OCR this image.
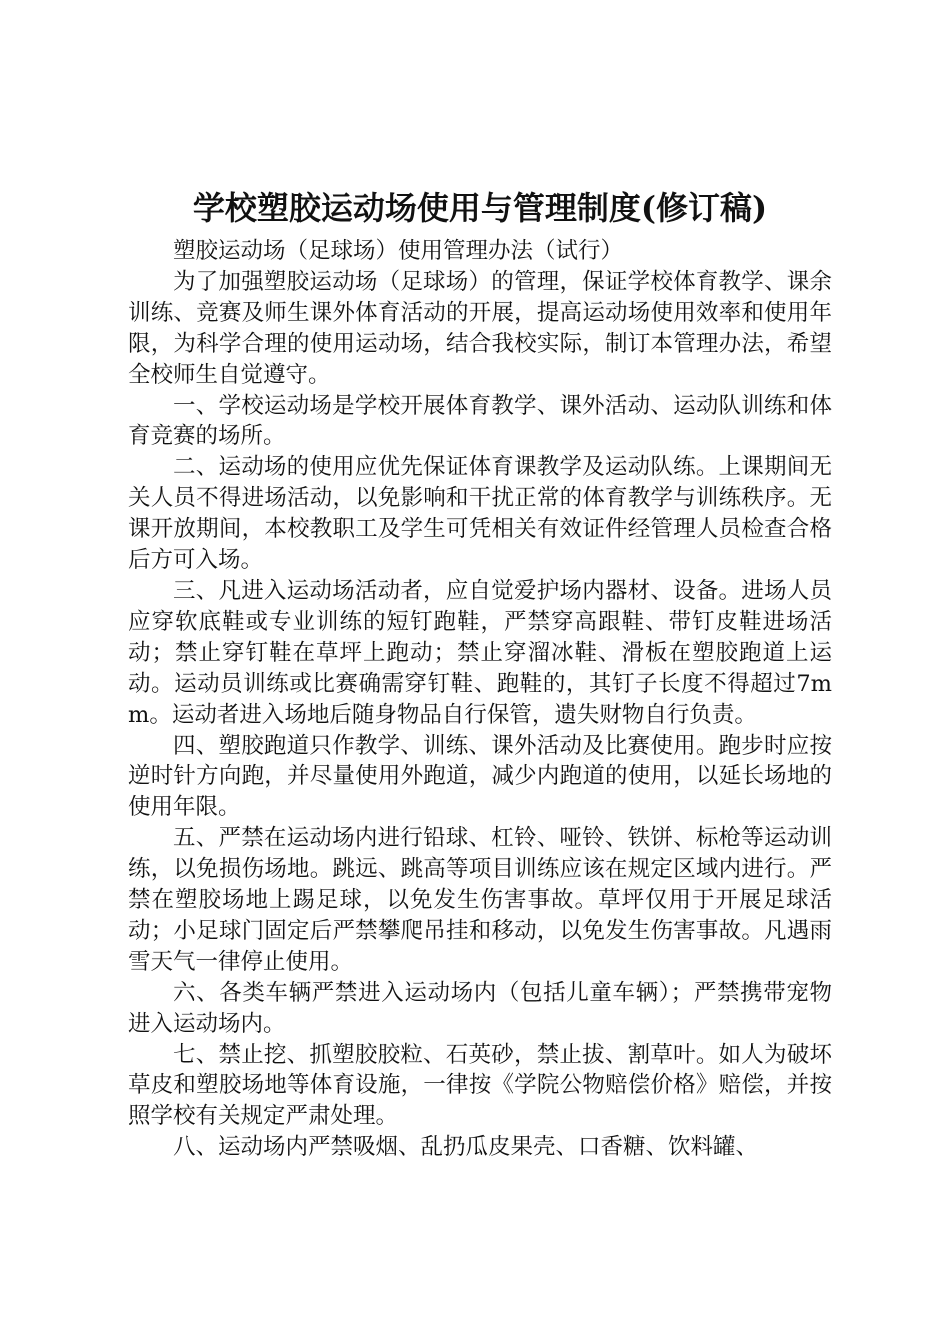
学校塑胶运动场使用与管理制度(修订稿)

塑胶运动场（足球场）使用管理办法（试行）

为了加强塑胶运动场（足球场）的管理，保证学校体育教学、课余训练、竞赛及师生课外体育活动的开展，提高运动场使用效率和使用年限，为科学合理的使用运动场，结合我校实际，制订本管理办法，希望全校师生自觉遵守。

一、学校运动场是学校开展体育教学、课外活动、运动队训练和体育竞赛的场所。

二、运动场的使用应优先保证体育课教学及运动队练。上课期间无关人员不得进场活动，以免影响和干扰正常的体育教学与训练秩序。无课开放期间，本校教职工及学生可凭相关有效证件经管理人员检查合格后方可入场。

三、凡进入运动场活动者，应自觉爱护场内器材、设备。进场人员应穿软底鞋或专业训练的短钉跑鞋，严禁穿高跟鞋、带钉皮鞋进场活动；禁止穿钉鞋在草坪上跑动；禁止穿溜冰鞋、滑板在塑胶跑道上运动。运动员训练或比赛确需穿钉鞋、跑鞋的，其钉子长度不得超过7mm。运动者进入场地后随身物品自行保管，遗失财物自行负责。

四、塑胶跑道只作教学、训练、课外活动及比赛使用。跑步时应按逆时针方向跑，并尽量使用外跑道，减少内跑道的使用，以延长场地的使用年限。

五、严禁在运动场内进行铅球、杠铃、哑铃、铁饼、标枪等运动训练，以免损伤场地。跳远、跳高等项目训练应该在规定区域内进行。严禁在塑胶场地上踢足球，以免发生伤害事故。草坪仅用于开展足球活动；小足球门固定后严禁攀爬吊挂和移动，以免发生伤害事故。凡遇雨雪天气一律停止使用。

六、各类车辆严禁进入运动场内（包括儿童车辆）；严禁携带宠物进入运动场内。

七、禁止挖、抓塑胶胶粒、石英砂，禁止拔、割草叶。如人为破坏草皮和塑胶场地等体育设施，一律按《学院公物赔偿价格》赔偿，并按照学校有关规定严肃处理。

八、运动场内严禁吸烟、乱扔瓜皮果壳、口香糖、饮料罐、
